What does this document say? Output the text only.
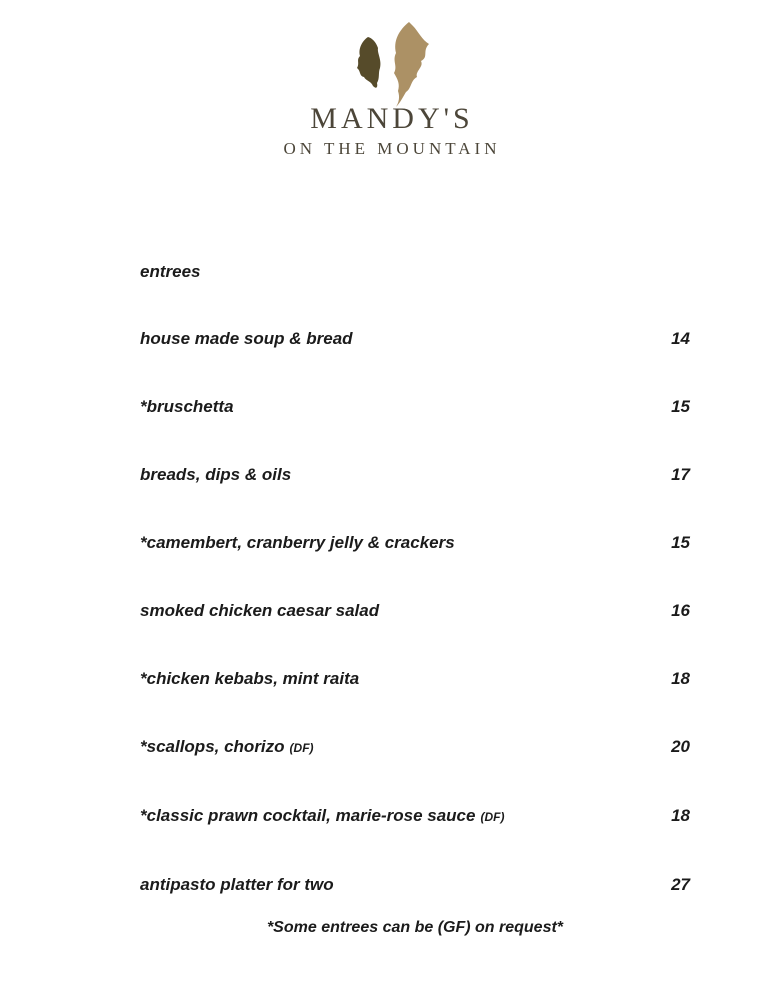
MANDY'S
ON THE MOUNTAIN
entrees
house made soup & bread	14
*bruschetta	15
breads, dips & oils	17
*camembert, cranberry jelly & crackers	15
smoked chicken caesar salad	16
*chicken kebabs, mint raita	18
*scallops, chorizo (DF)	20
*classic prawn cocktail, marie-rose sauce (DF)	18
antipasto platter for two	27
*Some entrees can be (GF) on request*
